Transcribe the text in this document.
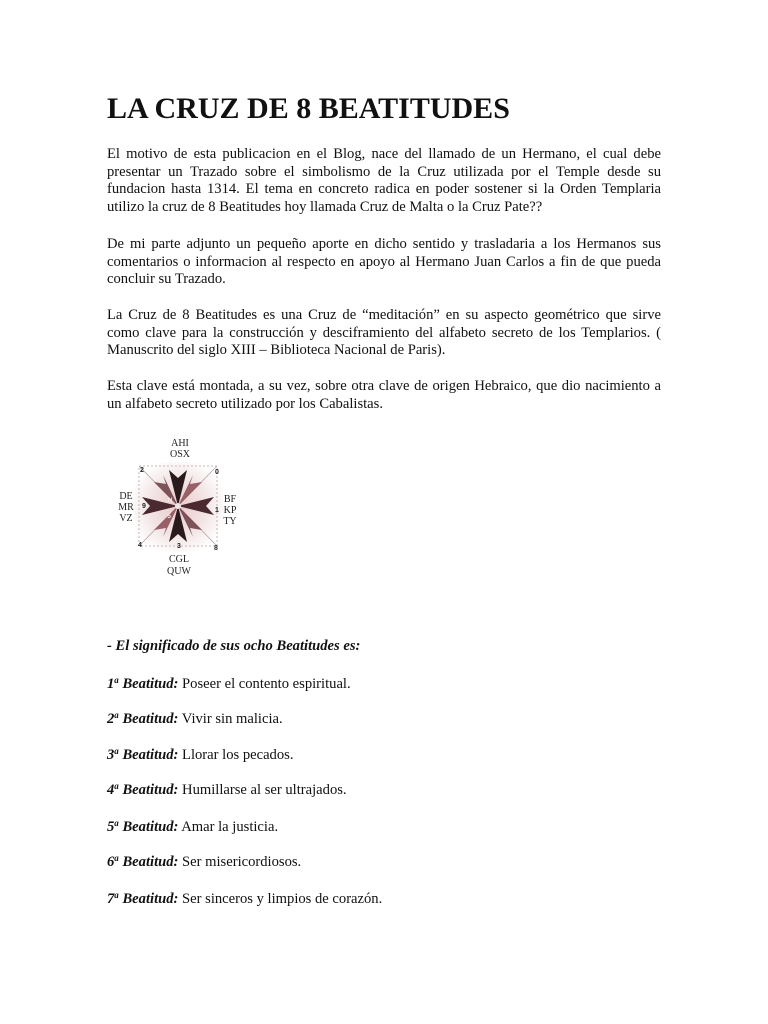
LA CRUZ DE 8 BEATITUDES

El motivo de esta publicacion en el Blog, nace del llamado de un Hermano, el cual debe presentar un Trazado sobre el simbolismo de la Cruz utilizada por el Temple desde su fundacion hasta 1314. El tema en concreto radica en poder sostener si la Orden Templaria utilizo la cruz de 8 Beatitudes hoy llamada Cruz de Malta o la Cruz Pate??

De mi parte adjunto un pequeño aporte en dicho sentido y trasladaria a los Hermanos sus comentarios o informacion al respecto en apoyo al Hermano Juan Carlos a fin de que pueda concluir su Trazado.

La Cruz de 8 Beatitudes es una Cruz de “meditación” en su aspecto geométrico que sirve como clave para la construcción y desciframiento del alfabeto secreto de los Templarios. ( Manuscrito del siglo XIII – Biblioteca Nacional de Paris).

Esta clave está montada, a su vez, sobre otra clave de origen Hebraico, que dio nacimiento a un alfabeto secreto utilizado por los Cabalistas.

AHI
OSX
DE
MR
VZ
BF
KP
TY
CGL
QUW
2	0
4	8
7
9
1
3
N
5

- El significado de sus ocho Beatitudes es:

1$^a$ Beatitud: Poseer el contento espiritual.

2$^a$ Beatitud: Vivir sin malicia.

3$^a$ Beatitud: Llorar los pecados.

4$^a$ Beatitud: Humillarse al ser ultrajados.

5$^a$ Beatitud: Amar la justicia.

6$^a$ Beatitud: Ser misericordiosos.

7$^a$ Beatitud: Ser sinceros y limpios de corazón.
